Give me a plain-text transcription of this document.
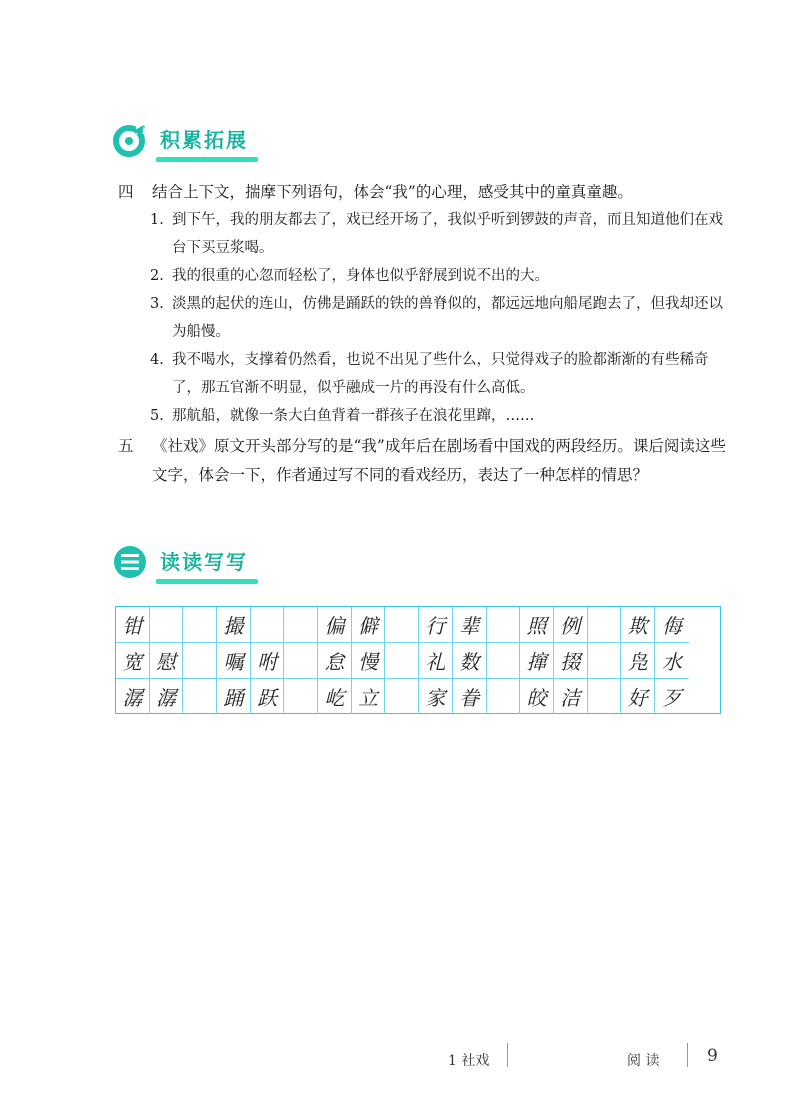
积累拓展
四 结合上下文，揣摩下列语句，体会“我”的心理，感受其中的童真童趣。
1. 到下午，我的朋友都去了，戏已经开场了，我似乎听到锣鼓的声音，而且知道他们在戏台下买豆浆喝。
2. 我的很重的心忽而轻松了，身体也似乎舒展到说不出的大。
3. 淡黑的起伏的连山，仿佛是踊跃的铁的兽脊似的，都远远地向船尾跑去了，但我却还以为船慢。
4. 我不喝水，支撑着仍然看，也说不出见了些什么，只觉得戏子的脸都渐渐的有些稀奇了，那五官渐不明显，似乎融成一片的再没有什么高低。
5. 那航船，就像一条大白鱼背着一群孩子在浪花里蹿，……
五 《社戏》原文开头部分写的是“我”成年后在剧场看中国戏的两段经历。课后阅读这些文字，体会一下，作者通过写不同的看戏经历，表达了一种怎样的情思？
读读写写
钳	撮	偏 僻	行 辈	照 例	欺 侮
宽 慰	嘱 咐	怠 慢	礼 数	撺 掇	凫 水
潺 潺	踊 跃	屹 立	家 眷	皎 洁	好 歹
1 社戏	阅 读	9
